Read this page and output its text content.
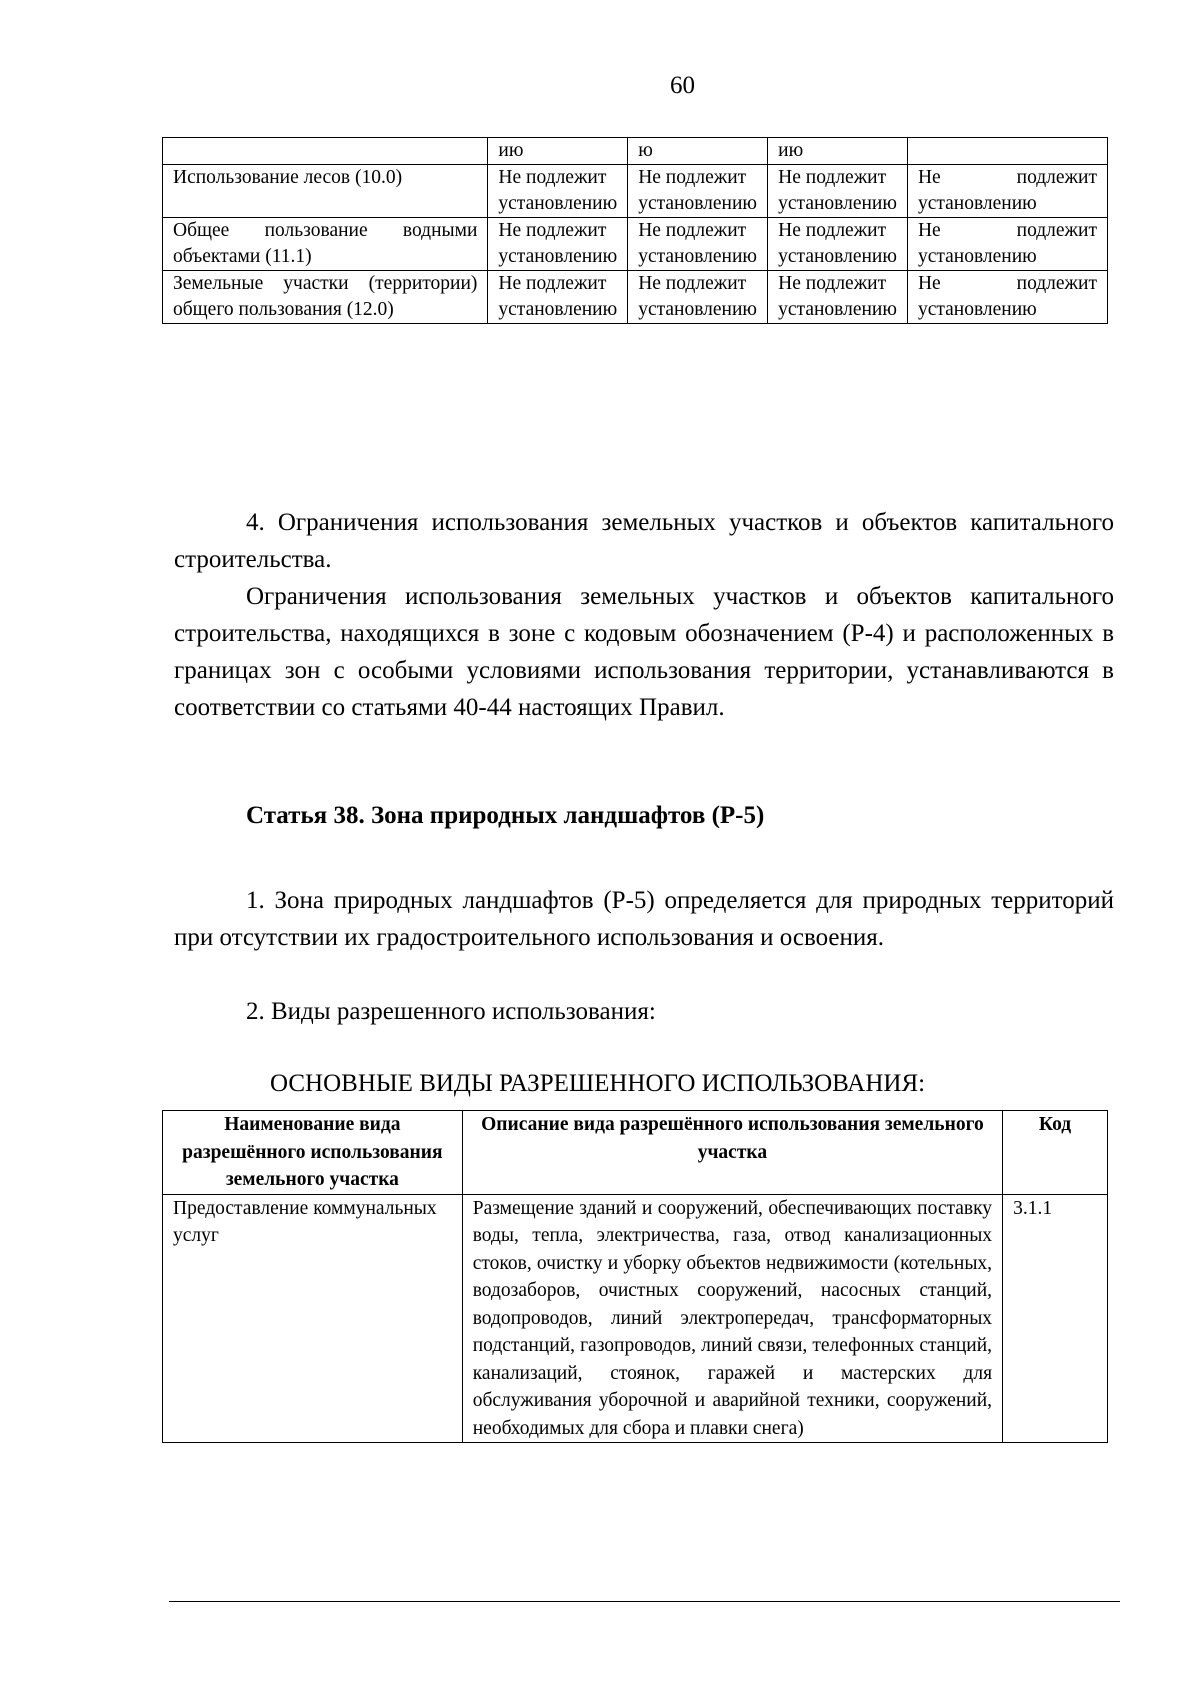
60
	ию	ю	ию	
Использование лесов (10.0)	Не подлежит установлению	Не подлежит установлению	Не подлежит установлению	Не подлежит установлению
Общее пользование водными объектами (11.1)	Не подлежит установлению	Не подлежит установлению	Не подлежит установлению	Не подлежит установлению
Земельные участки (территории) общего пользования (12.0)	Не подлежит установлению	Не подлежит установлению	Не подлежит установлению	Не подлежит установлению
4. Ограничения использования земельных участков и объектов капитального строительства.
Ограничения использования земельных участков и объектов капитального строительства, находящихся в зоне с кодовым обозначением (Р-4) и расположенных в границах зон с особыми условиями использования территории, устанавливаются в соответствии со статьями 40-44 настоящих Правил.
Статья 38. Зона природных ландшафтов (Р-5)
1. Зона природных ландшафтов (Р-5) определяется для природных территорий при отсутствии их градостроительного использования и освоения.
2. Виды разрешенного использования:
ОСНОВНЫЕ ВИДЫ РАЗРЕШЕННОГО ИСПОЛЬЗОВАНИЯ:
Наименование вида разрешённого использования земельного участка	Описание вида разрешённого использования земельного участка	Код
Предоставление коммунальных услуг	Размещение зданий и сооружений, обеспечивающих поставку воды, тепла, электричества, газа, отвод канализационных стоков, очистку и уборку объектов недвижимости (котельных, водозаборов, очистных сооружений, насосных станций, водопроводов, линий электропередач, трансформаторных подстанций, газопроводов, линий связи, телефонных станций, канализаций, стоянок, гаражей и мастерских для обслуживания уборочной и аварийной техники, сооружений, необходимых для сбора и плавки снега)	3.1.1
